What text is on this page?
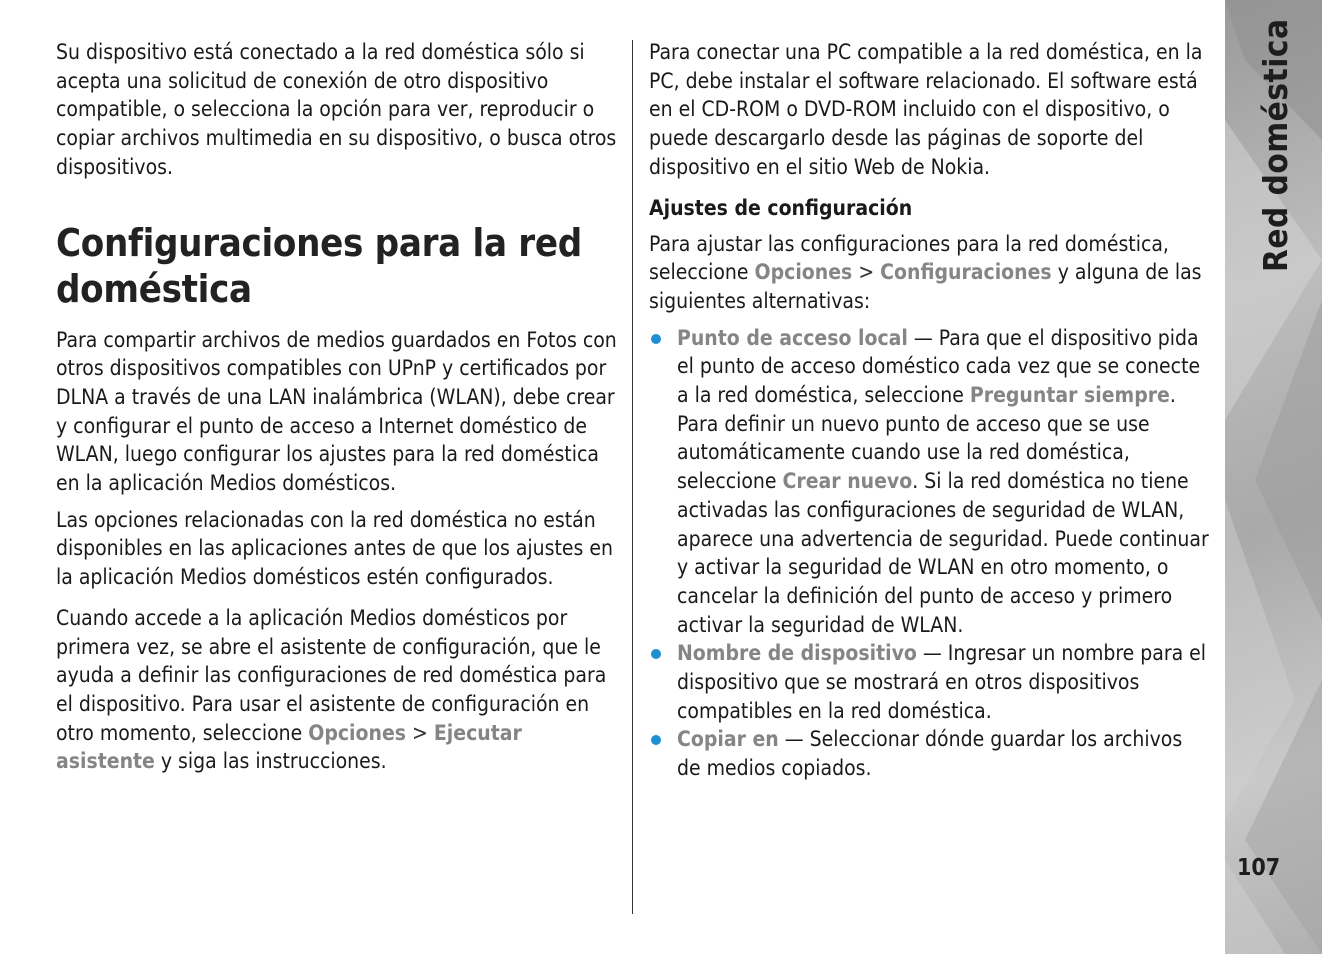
Su dispositivo está conectado a la red doméstica sólo si acepta una solicitud de conexión de otro dispositivo compatible, o selecciona la opción para ver, reproducir o copiar archivos multimedia en su dispositivo, o busca otros dispositivos.

Configuraciones para la red doméstica

Para compartir archivos de medios guardados en Fotos con otros dispositivos compatibles con UPnP y certificados por DLNA a través de una LAN inalámbrica (WLAN), debe crear y configurar el punto de acceso a Internet doméstico de WLAN, luego configurar los ajustes para la red doméstica en la aplicación Medios domésticos.

Las opciones relacionadas con la red doméstica no están disponibles en las aplicaciones antes de que los ajustes en la aplicación Medios domésticos estén configurados.

Cuando accede a la aplicación Medios domésticos por primera vez, se abre el asistente de configuración, que le ayuda a definir las configuraciones de red doméstica para el dispositivo. Para usar el asistente de configuración en otro momento, seleccione Opciones > Ejecutar asistente y siga las instrucciones.

Para conectar una PC compatible a la red doméstica, en la PC, debe instalar el software relacionado. El software está en el CD-ROM o DVD-ROM incluido con el dispositivo, o puede descargarlo desde las páginas de soporte del dispositivo en el sitio Web de Nokia.

Ajustes de configuración

Para ajustar las configuraciones para la red doméstica, seleccione Opciones > Configuraciones y alguna de las siguientes alternativas:

Punto de acceso local — Para que el dispositivo pida el punto de acceso doméstico cada vez que se conecte a la red doméstica, seleccione Preguntar siempre. Para definir un nuevo punto de acceso que se use automáticamente cuando use la red doméstica, seleccione Crear nuevo. Si la red doméstica no tiene activadas las configuraciones de seguridad de WLAN, aparece una advertencia de seguridad. Puede continuar y activar la seguridad de WLAN en otro momento, o cancelar la definición del punto de acceso y primero activar la seguridad de WLAN.
Nombre de dispositivo — Ingresar un nombre para el dispositivo que se mostrará en otros dispositivos compatibles en la red doméstica.
Copiar en — Seleccionar dónde guardar los archivos de medios copiados.
Red doméstica
107
